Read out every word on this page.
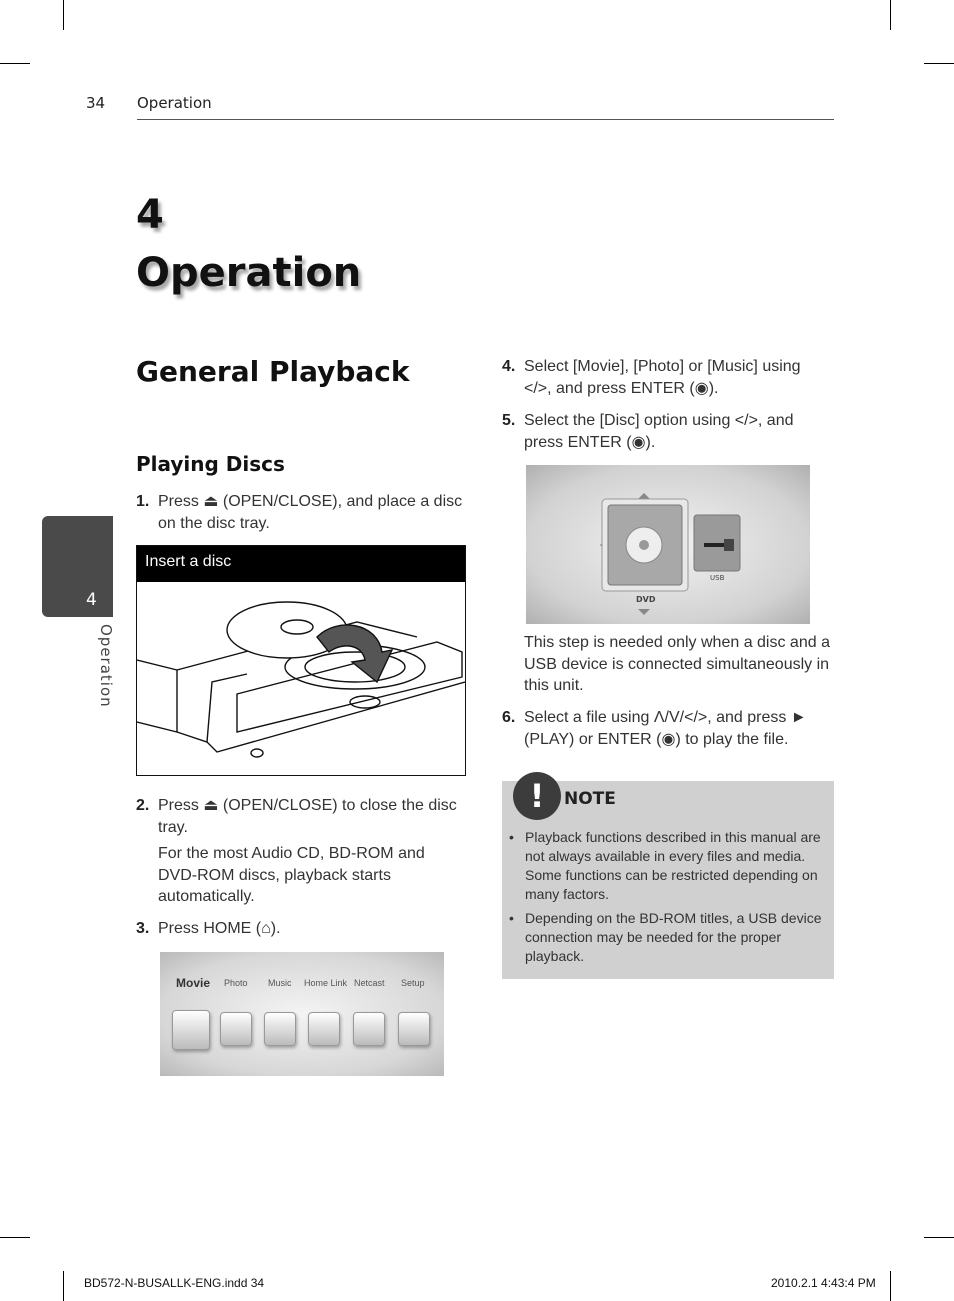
34 Operation
4
Operation
4
Operation
General Playback
Playing Discs
1. Press ⏏ (OPEN/CLOSE), and place a disc on the disc tray.
Insert a disc
2. Press ⏏ (OPEN/CLOSE) to close the disc tray.
For the most Audio CD, BD-ROM and DVD-ROM discs, playback starts automatically.
3. Press HOME (⌂).
Movie Photo Music Home Link Netcast Setup
4. Select [Movie], [Photo] or [Music] using </>, and press ENTER (◉).
5. Select the [Disc] option using </>, and press ENTER (◉).
DVD
USB
This step is needed only when a disc and a USB device is connected simultaneously in this unit.
6. Select a file using Λ/V/</>, and press ► (PLAY) or ENTER (◉) to play the file.
!	NOTE
• Playback functions described in this manual are not always available in every files and media. Some functions can be restricted depending on many factors.
• Depending on the BD-ROM titles, a USB device connection may be needed for the proper playback.
BD572-N-BUSALLK-ENG.indd 34	2010.2.1 4:43:4 PM
